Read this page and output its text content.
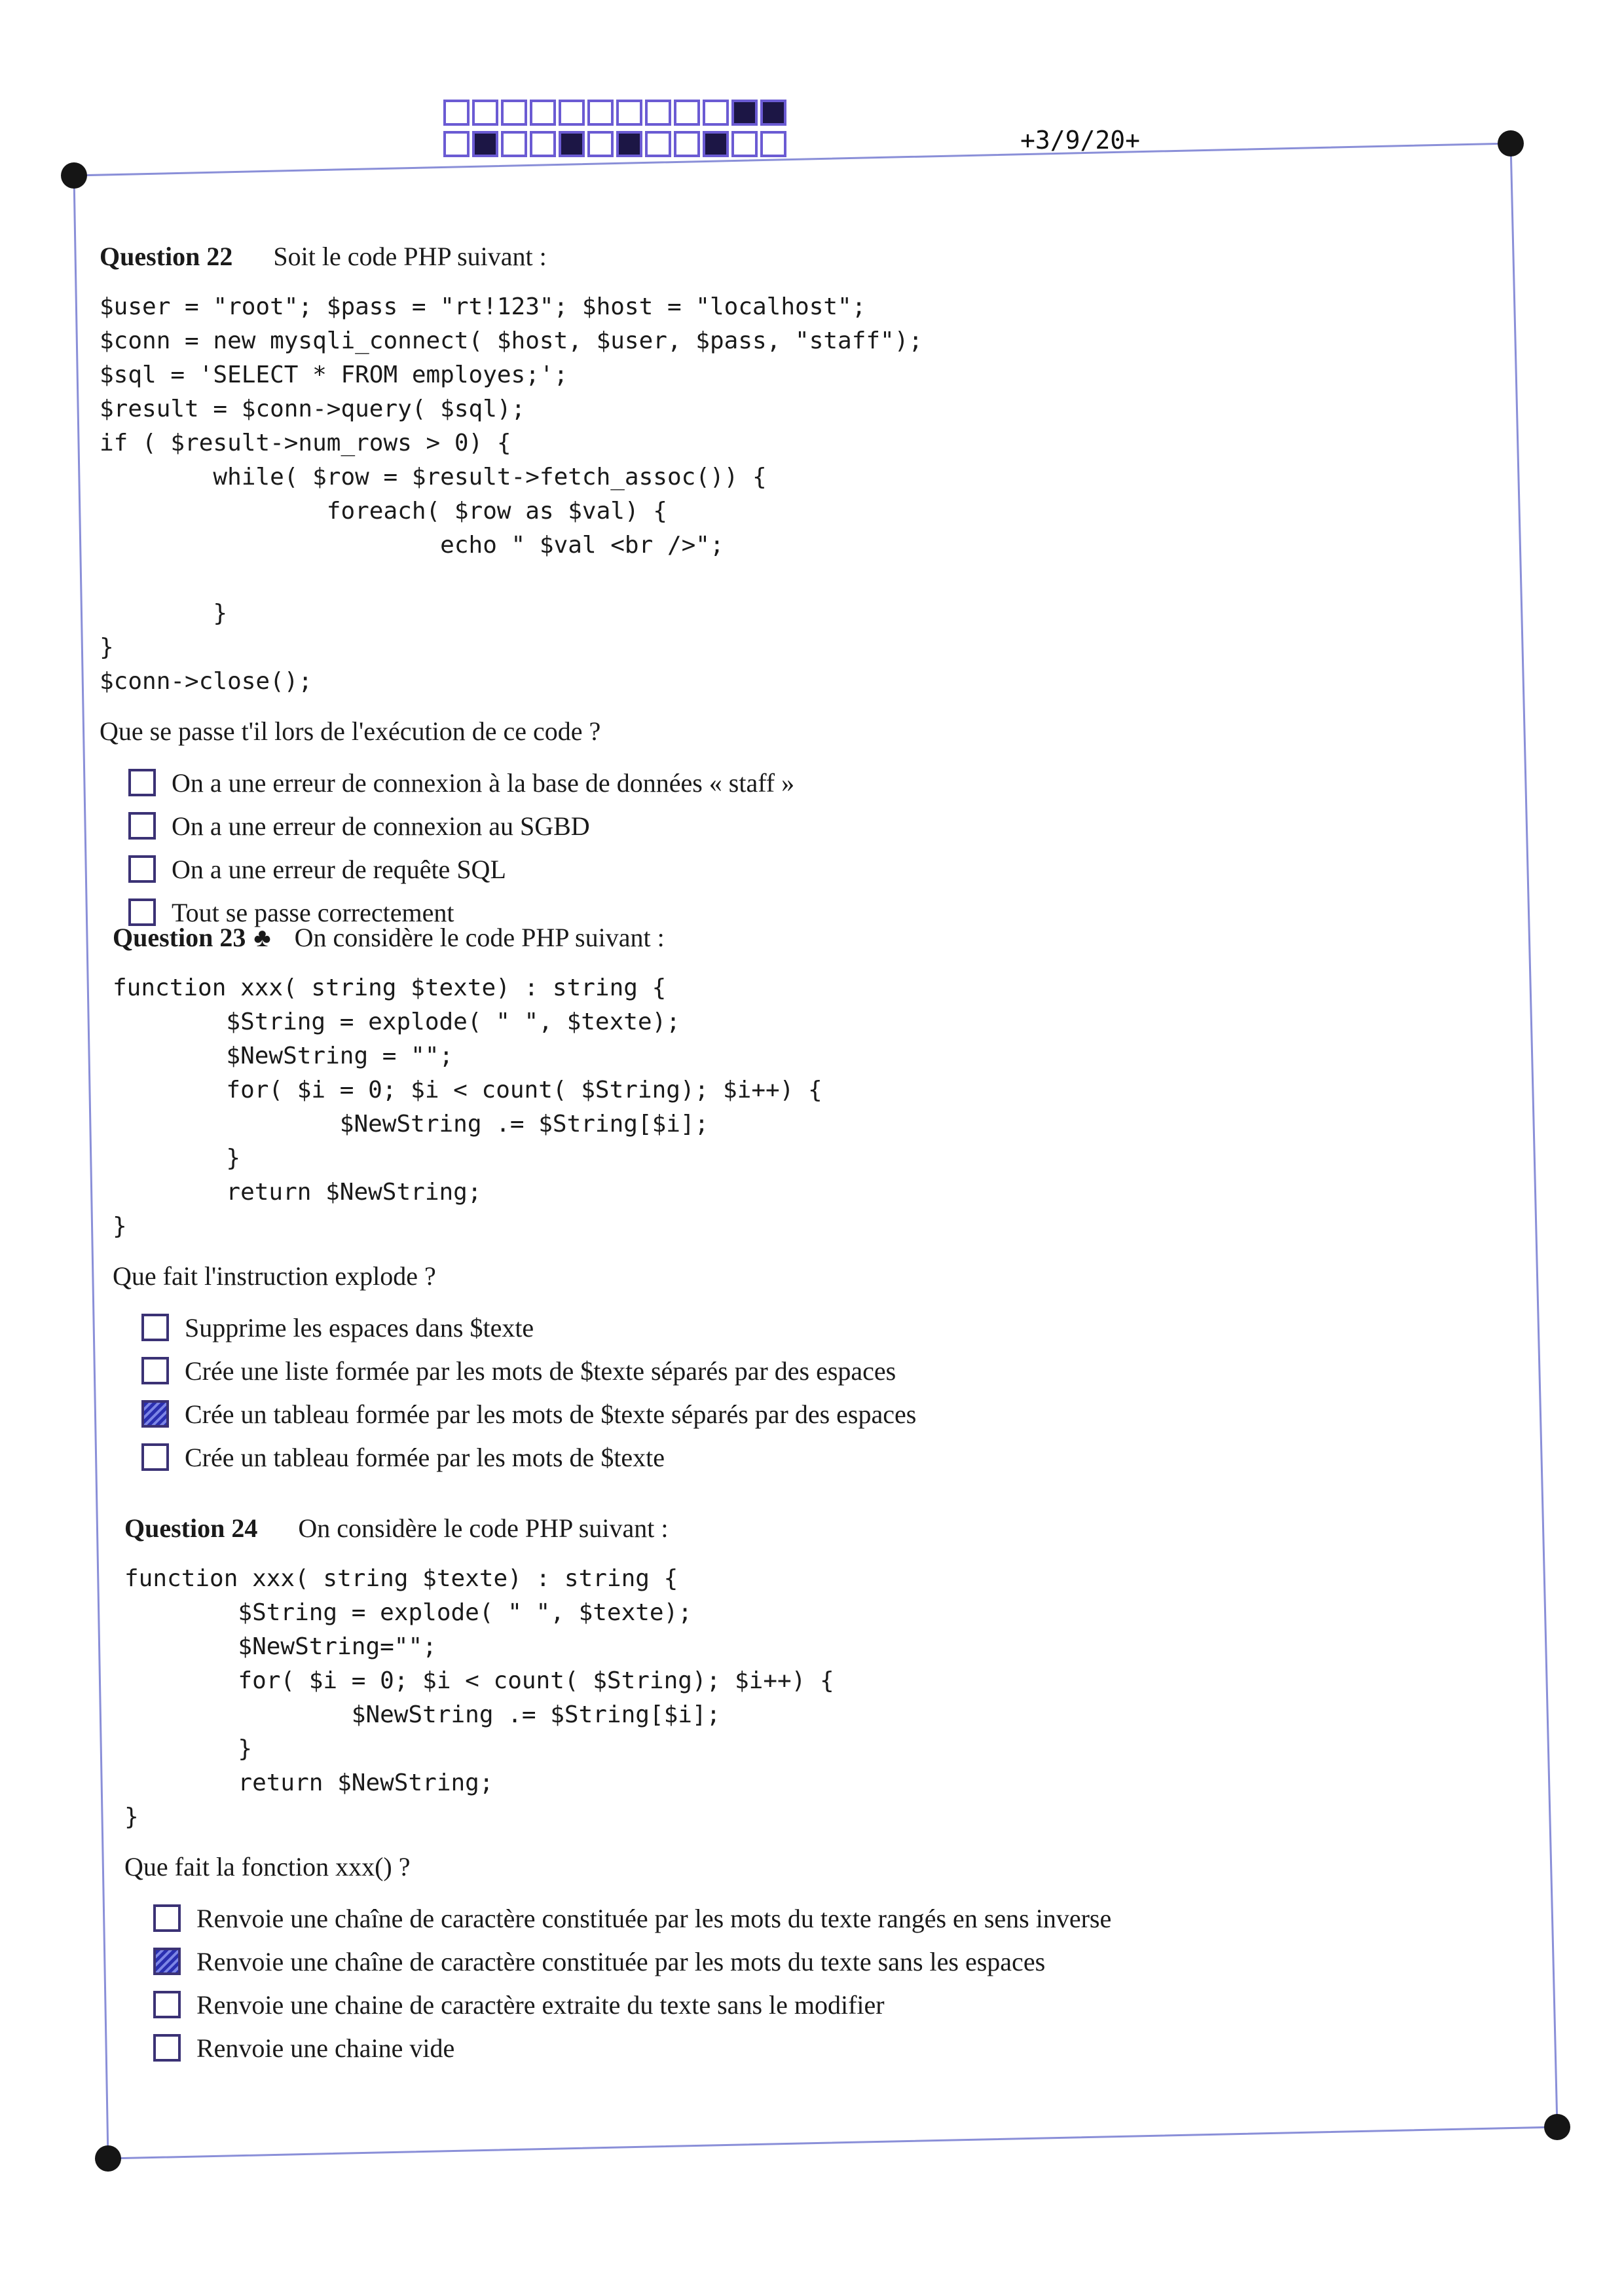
+3/9/20+
Question 22 Soit le code PHP suivant :
$user = "root"; $pass = "rt!123"; $host = "localhost";
$conn = new mysqli_connect( $host, $user, $pass, "staff");
$sql = 'SELECT * FROM employes;';
$result = $conn->query( $sql);
if ( $result->num_rows > 0) {
while( $row = $result->fetch_assoc()) {
foreach( $row as $val) {
echo " $val <br />";

}
}
$conn->close();
Que se passe t'il lors de l'exécution de ce code ?
On a une erreur de connexion à la base de données « staff »
On a une erreur de connexion au SGBD
On a une erreur de requête SQL
Tout se passe correctement
Question 23 ♣ On considère le code PHP suivant :
function xxx( string $texte) : string {
$String = explode( " ", $texte);
$NewString = "";
for( $i = 0; $i < count( $String); $i++) {
$NewString .= $String[$i];
}
return $NewString;
}
Que fait l'instruction explode ?
Supprime les espaces dans $texte
Crée une liste formée par les mots de $texte séparés par des espaces
Crée un tableau formée par les mots de $texte séparés par des espaces
Crée un tableau formée par les mots de $texte
Question 24 On considère le code PHP suivant :
function xxx( string $texte) : string {
$String = explode( " ", $texte);
$NewString="";
for( $i = 0; $i < count( $String); $i++) {
$NewString .= $String[$i];
}
return $NewString;
}
Que fait la fonction xxx() ?
Renvoie une chaîne de caractère constituée par les mots du texte rangés en sens inverse
Renvoie une chaîne de caractère constituée par les mots du texte sans les espaces
Renvoie une chaine de caractère extraite du texte sans le modifier
Renvoie une chaine vide
